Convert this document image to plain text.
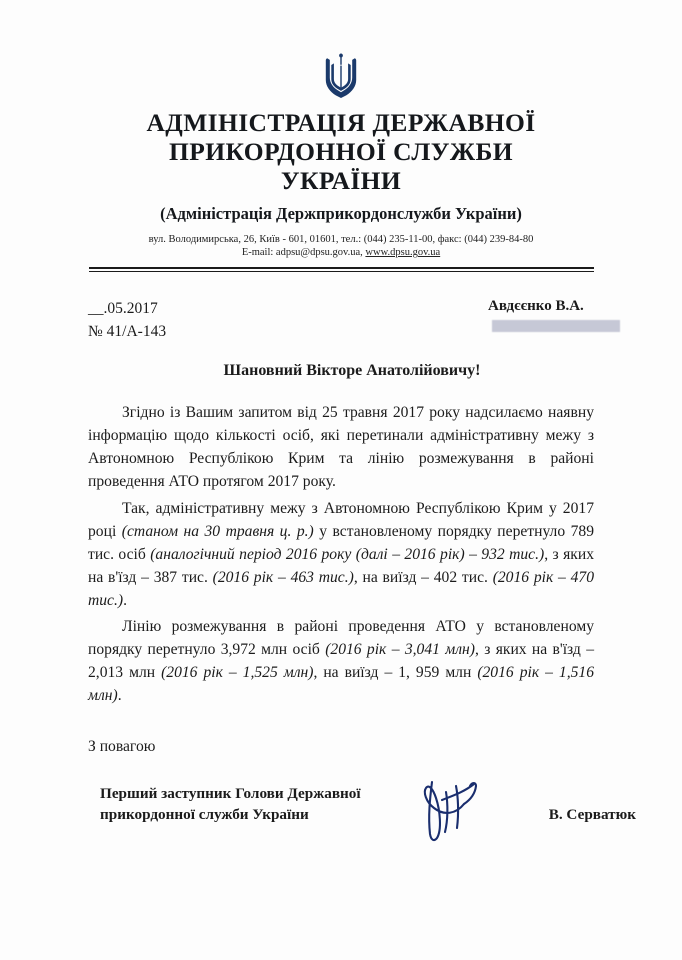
АДМІНІСТРАЦІЯ ДЕРЖАВНОЇ
ПРИКОРДОННОЇ СЛУЖБИ УКРАЇНИ
(Адміністрація Держприкордонслужби України)
вул. Володимирська, 26, Київ - 601, 01601, тел.: (044) 235-11-00, факс: (044) 239-84-80
E-mail: adpsu@dpsu.gov.ua, www.dpsu.gov.ua
__.05.2017
№ 41/А-143
Авдєєнко В.А.
Шановний Вікторе Анатолійовичу!

Згідно із Вашим запитом від 25 травня 2017 року надсилаємо наявну інформацію щодо кількості осіб, які перетинали адміністративну межу з Автономною Республікою Крим та лінію розмежування в районі проведення АТО протягом 2017 року.

Так, адміністративну межу з Автономною Республікою Крим у 2017 році (станом на 30 травня ц. р.) у встановленому порядку перетнуло 789 тис. осіб (аналогічний період 2016 року (далі – 2016 рік) – 932 тис.), з яких на в'їзд – 387 тис. (2016 рік – 463 тис.), на виїзд – 402 тис. (2016 рік – 470 тис.).

Лінію розмежування в районі проведення АТО у встановленому порядку перетнуло 3,972 млн осіб (2016 рік – 3,041 млн), з яких на в'їзд – 2,013 млн (2016 рік – 1,525 млн), на виїзд – 1, 959 млн (2016 рік – 1,516 млн).

З повагою
Перший заступник Голови Державної
прикордонної служби України	В. Серватюк
